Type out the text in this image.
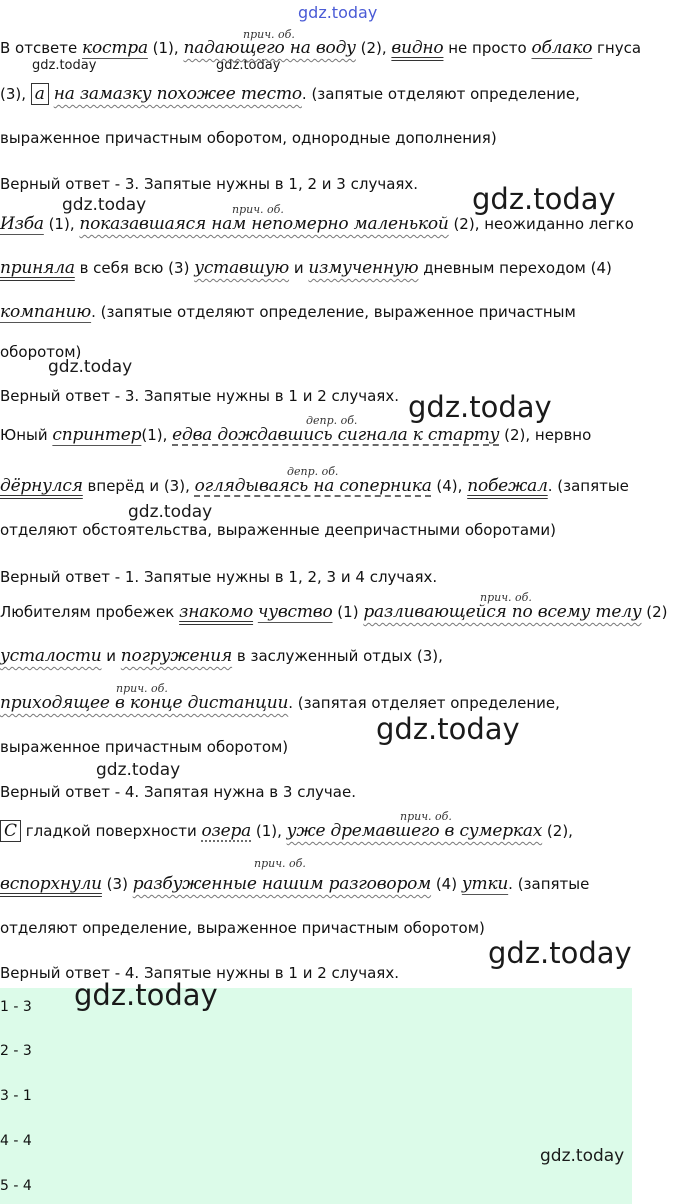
gdz.today
gdz.today	gdz.today
gdz.today
gdz.today
gdz.today
gdz.today
gdz.today
gdz.today
gdz.today
gdz.today
gdz.today
gdz.today
прич. об.
В отсвете костра (1), падающего на воду (2), видно не просто облако гнуса
(3), а на замазку похожее тесто. (запятые отделяют определение,
выраженное причастным оборотом, однородные дополнения)
Верный ответ - 3. Запятые нужны в 1, 2 и 3 случаях.
прич. об.
Изба (1), показавшаяся нам непомерно маленькой (2), неожиданно легко
приняла в себя всю (3) уставшую и измученную дневным переходом (4)
компанию. (запятые отделяют определение, выраженное причастным
оборотом)
Верный ответ - 3. Запятые нужны в 1 и 2 случаях.
депр. об.
Юный спринтер(1), едва дождавшись сигнала к старту (2), нервно
депр. об.
дёрнулся вперёд и (3), оглядываясь на соперника (4), побежал. (запятые
отделяют обстоятельства, выраженные деепричастными оборотами)
Верный ответ - 1. Запятые нужны в 1, 2, 3 и 4 случаях.
прич. об.
Любителям пробежек знакомо чувство (1) разливающейся по всему телу (2)
усталости и погружения в заслуженный отдых (3),
прич. об.
приходящее в конце дистанции. (запятая отделяет определение,
выраженное причастным оборотом)
Верный ответ - 4. Запятая нужна в 3 случае.
прич. об.
С гладкой поверхности озера (1), уже дремавшего в сумерках (2),
прич. об.
вспорхнули (3) разбуженные нашим разговором (4) утки. (запятые
отделяют определение, выраженное причастным оборотом)
Верный ответ - 4. Запятые нужны в 1 и 2 случаях.
1 - 3
2 - 3
3 - 1
4 - 4
5 - 4
